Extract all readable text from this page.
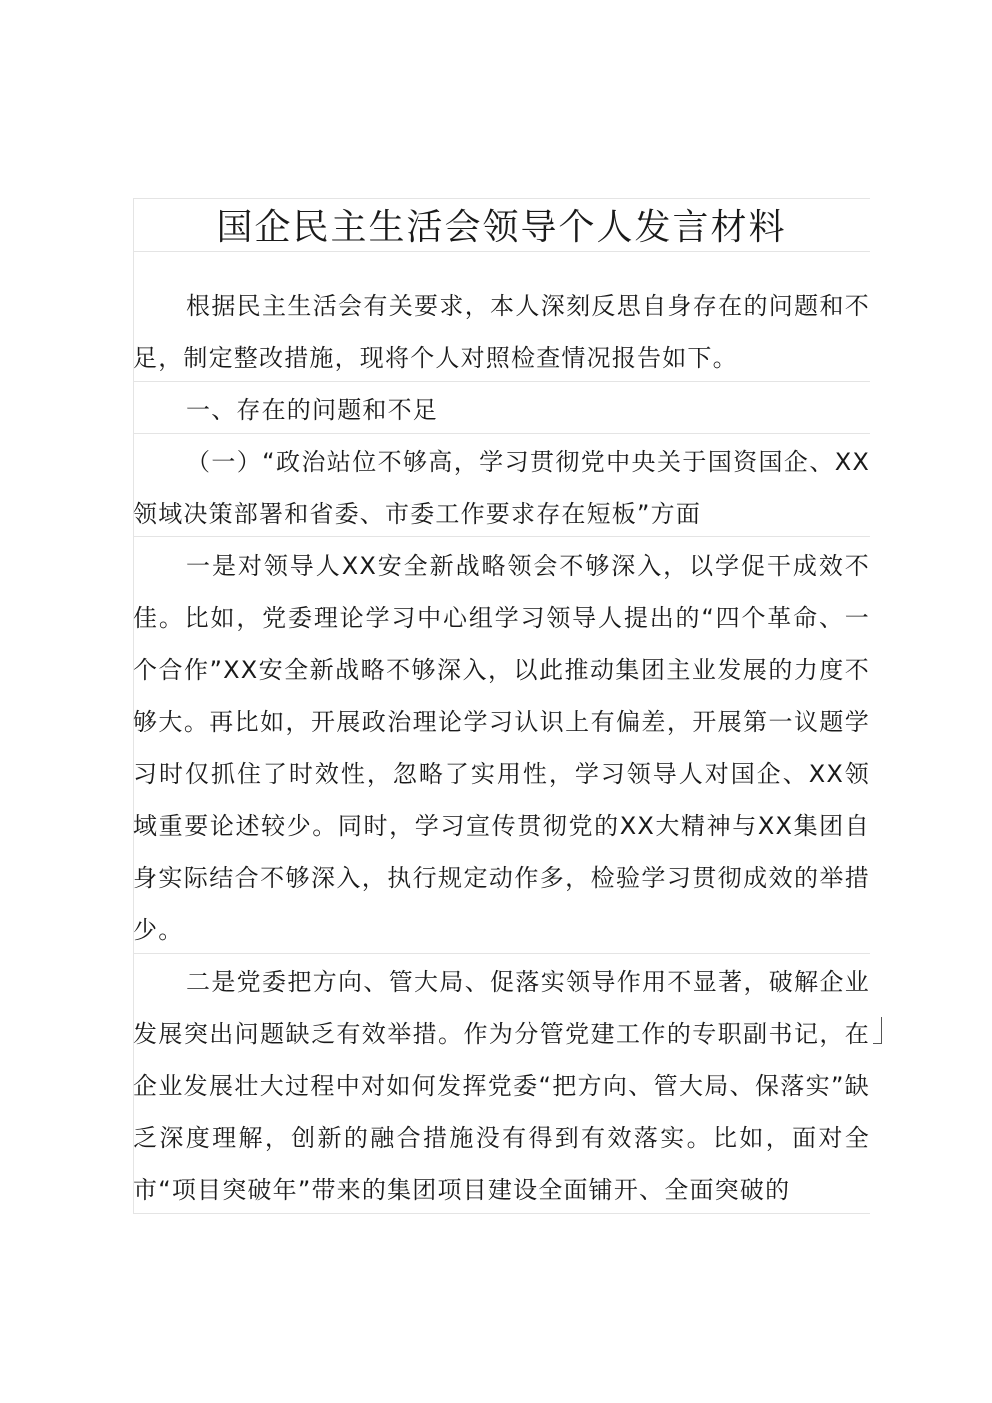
国企民主生活会领导个人发言材料

根据民主生活会有关要求，本人深刻反思自身存在的问题和不足，制定整改措施，现将个人对照检查情况报告如下。

一、存在的问题和不足

（一）“政治站位不够高，学习贯彻党中央关于国资国企、XX领域决策部署和省委、市委工作要求存在短板”方面

一是对领导人XX安全新战略领会不够深入，以学促干成效不佳。比如，党委理论学习中心组学习领导人提出的“四个革命、一个合作”XX安全新战略不够深入，以此推动集团主业发展的力度不够大。再比如，开展政治理论学习认识上有偏差，开展第一议题学习时仅抓住了时效性，忽略了实用性，学习领导人对国企、XX领域重要论述较少。同时，学习宣传贯彻党的XX大精神与XX集团自身实际结合不够深入，执行规定动作多，检验学习贯彻成效的举措少。

二是党委把方向、管大局、促落实领导作用不显著，破解企业发展突出问题缺乏有效举措。作为分管党建工作的专职副书记，在企业发展壮大过程中对如何发挥党委“把方向、管大局、保落实”缺乏深度理解，创新的融合措施没有得到有效落实。比如，面对全市“项目突破年”带来的集团项目建设全面铺开、全面突破的
